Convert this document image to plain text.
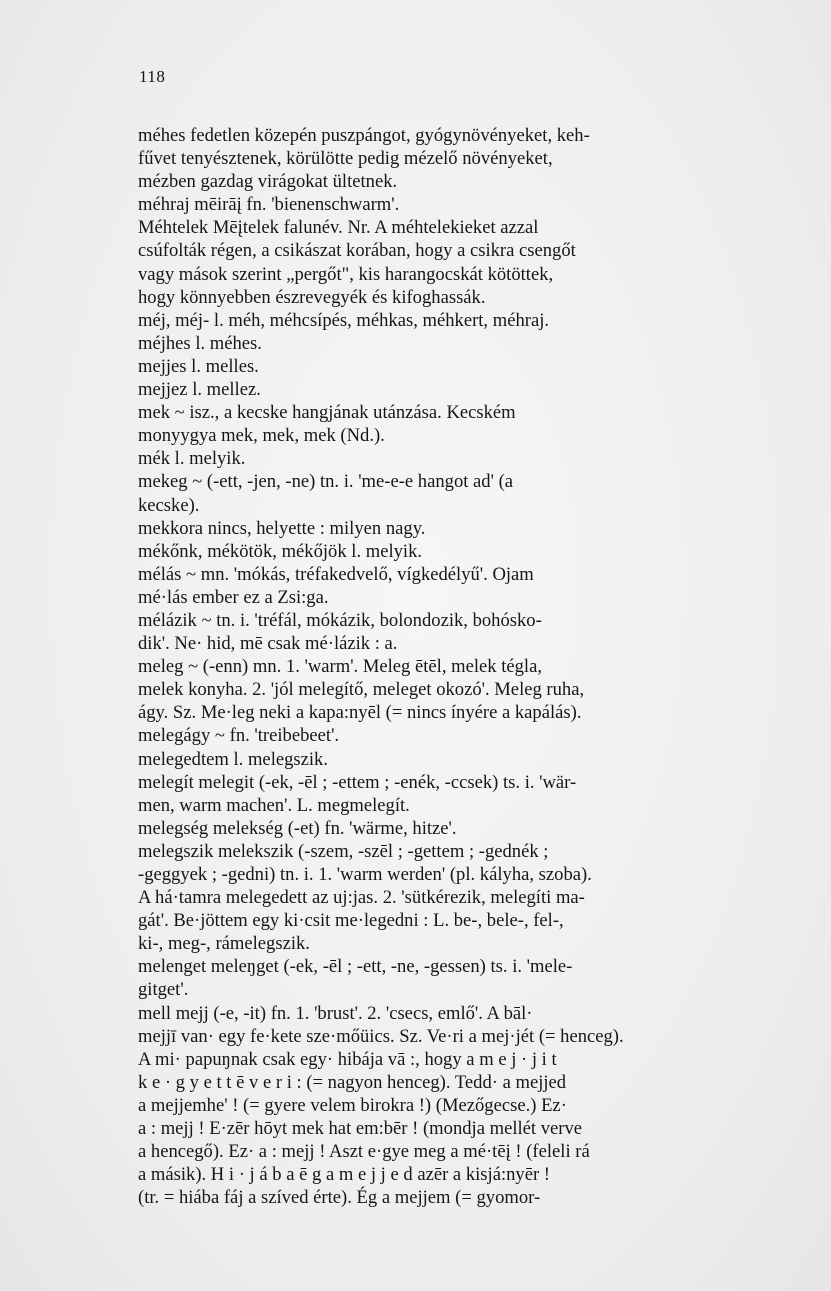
118
méhes fedetlen közepén puszpángot, gyógynövényeket, keh-
fűvet tenyésztenek, körülötte pedig mézelő növényeket,
mézben gazdag virágokat ültetnek.
méhraj mēirāį fn. 'bienenschwarm'.
Méhtelek Mēįtelek falunév. Nr. A méhtelekieket azzal
csúfolták régen, a csikászat korában, hogy a csikra csengőt
vagy mások szerint „pergőt", kis harangocskát kötöttek,
hogy könnyebben észrevegyék és kifoghassák.
méj, méj- l. méh, méhcsípés, méhkas, méhkert, méhraj.
méjhes l. méhes.
mejjes l. melles.
mejjez l. mellez.
mek ~ isz., a kecske hangjának utánzása. Kecském
monyygya mek, mek, mek (Nd.).
mék l. melyik.
mekeg ~ (-ett, -jen, -ne) tn. i. 'me-e-e hangot ad' (a
kecske).
mekkora nincs, helyette : milyen nagy.
mékőnk, mékötök, mékőjök l. melyik.
mélás ~ mn. 'mókás, tréfakedvelő, vígkedélyű'. Ojam
mé·lás ember ez a Zsi:ga.
mélázik ~ tn. i. 'tréfál, mókázik, bolondozik, bohósko-
dik'. Ne· hid, mē csak mé·lázik : a.
meleg ~ (-enn) mn. 1. 'warm'. Meleg ētēl, melek tégla,
melek konyha. 2. 'jól melegítő, meleget okozó'. Meleg ruha,
ágy. Sz. Me·leg neki a kapa:nyēl (= nincs ínyére a kapálás).
melegágy ~ fn. 'treibebeet'.
melegedtem l. melegszik.
melegít melegit (-ek, -ēl ; -ettem ; -enék, -ccsek) ts. i. 'wär-
men, warm machen'. L. megmelegít.
melegség melekség (-et) fn. 'wärme, hitze'.
melegszik melekszik (-szem, -szēl ; -gettem ; -gednék ;
-geggyek ; -gedni) tn. i. 1. 'warm werden' (pl. kályha, szoba).
A há·tamra melegedett az uj:jas. 2. 'sütkérezik, melegíti ma-
gát'. Be·jöttem egy ki·csit me·legedni : L. be-, bele-, fel-,
ki-, meg-, rámelegszik.
melenget meleŋget (-ek, -ēl ; -ett, -ne, -gessen) ts. i. 'mele-
gitget'.
mell mejj (-e, -it) fn. 1. 'brust'. 2. 'csecs, emlő'. A bāl·
mejjī van· egy fe·kete sze·mőüics. Sz. Ve·ri a mej·jét (= henceg).
A mi· papuŋnak csak egy· hibája vā :, hogy a m e j · j i t
k e · g y e t t ē v e r i : (= nagyon henceg). Tedd· a mejjed
a mejjemhe' ! (= gyere velem birokra !) (Mezőgecse.) Ez·
a : mejj ! E·zēr hōyt mek hat em:bēr ! (mondja mellét verve
a hencegő). Ez· a : mejj ! Aszt e·gye meg a mé·tēį ! (feleli rá
a másik). H i · j á b a ē g a m e j j e d azēr a kisjá:nyēr !
(tr. = hiába fáj a szíved érte). Ég a mejjem (= gyomor-
